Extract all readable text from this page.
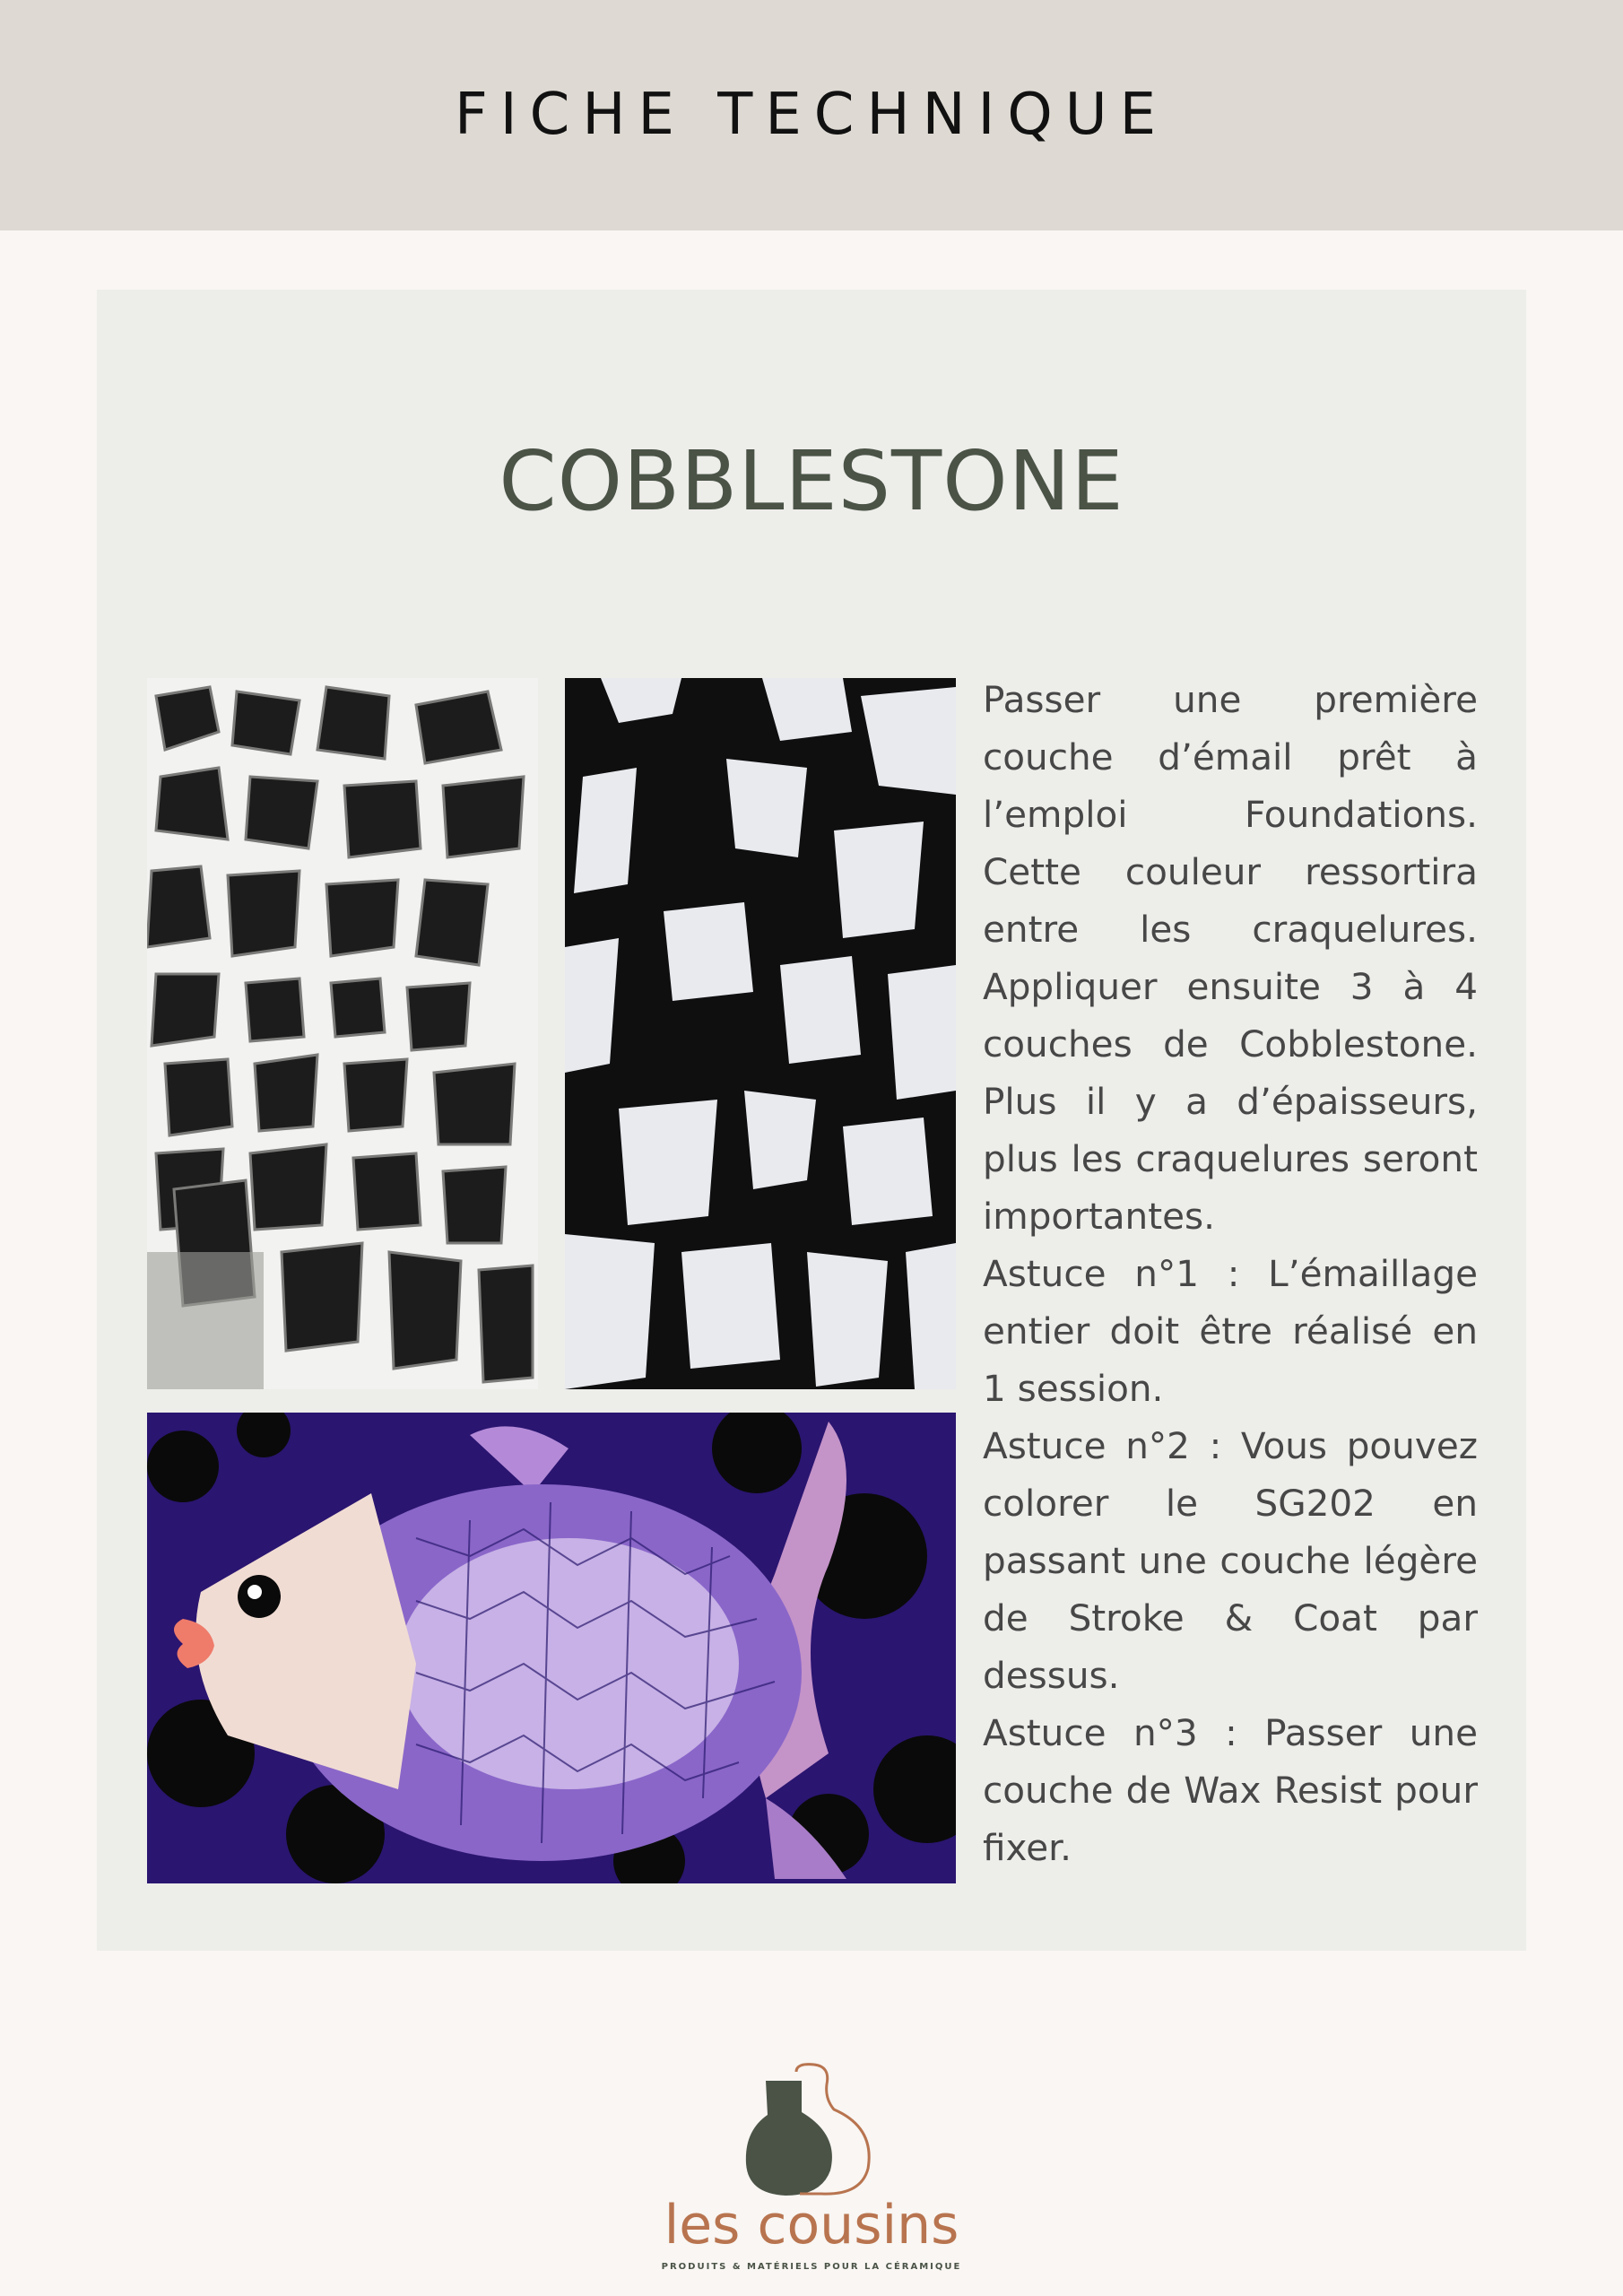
FICHE TECHNIQUE
COBBLESTONE

Passer une première couche d’émail prêt à l’emploi Foundations. Cette couleur ressortira entre les craquelures. Appliquer ensuite 3 à 4 couches de Cobblestone. Plus il y a d’épaisseurs, plus les craquelures seront importantes.

Astuce n°1 : L’émaillage entier doit être réalisé en 1 session.

Astuce n°2 : Vous pouvez colorer le SG202 en passant une couche légère de Stroke & Coat par dessus.

Astuce n°3 : Passer une couche de Wax Resist pour fixer.

les cousins
PRODUITS & MATÉRIELS POUR LA CÉRAMIQUE
